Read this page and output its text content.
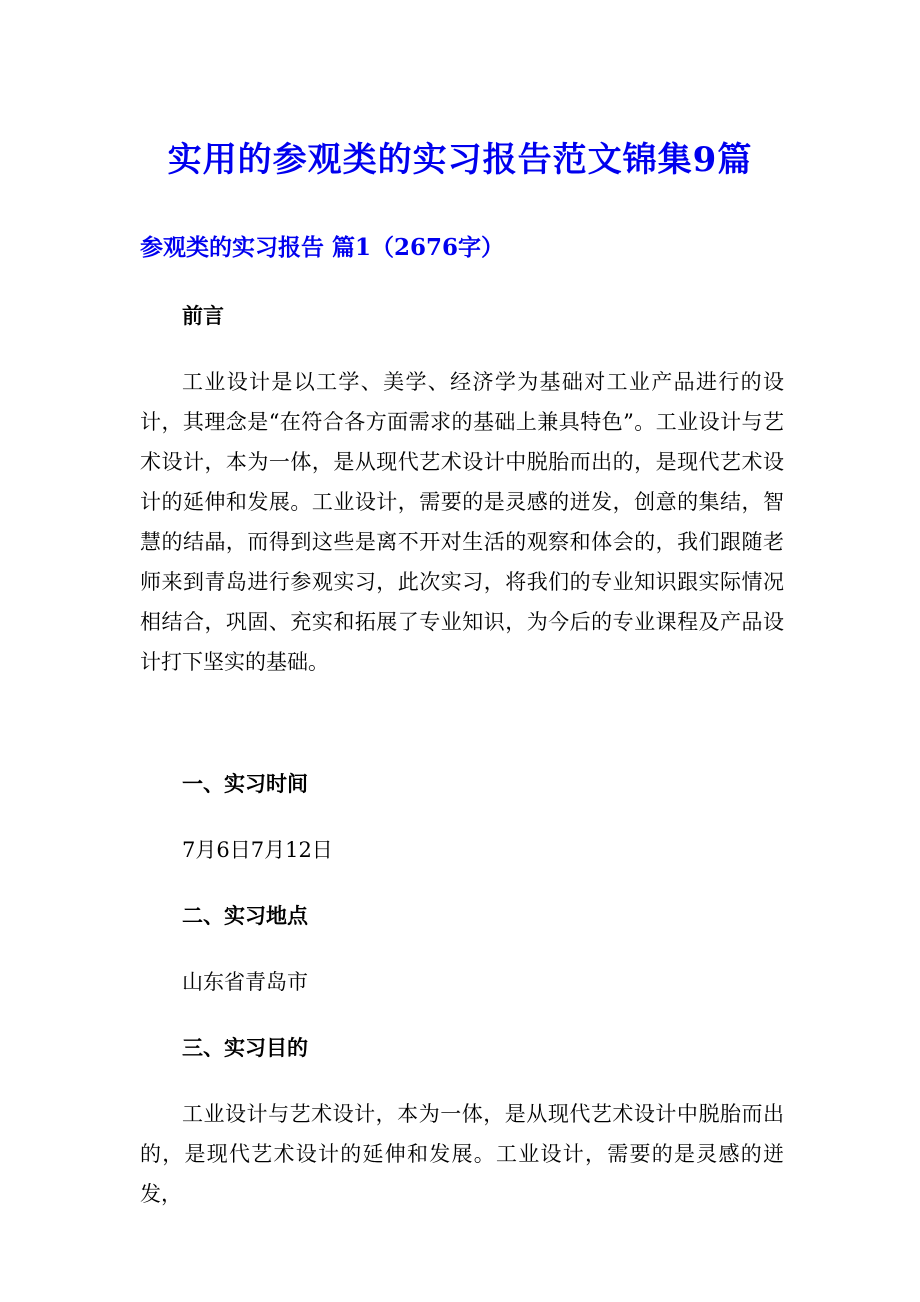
实用的参观类的实习报告范文锦集9篇
参观类的实习报告 篇1（2676字）

前言

工业设计是以工学、美学、经济学为基础对工业产品进行的设计，其理念是“在符合各方面需求的基础上兼具特色”。工业设计与艺术设计，本为一体，是从现代艺术设计中脱胎而出的，是现代艺术设计的延伸和发展。工业设计，需要的是灵感的迸发，创意的集结，智慧的结晶，而得到这些是离不开对生活的观察和体会的，我们跟随老师来到青岛进行参观实习，此次实习，将我们的专业知识跟实际情况相结合，巩固、充实和拓展了专业知识，为今后的专业课程及产品设计打下坚实的基础。

一、实习时间

7月6日7月12日

二、实习地点

山东省青岛市

三、实习目的

工业设计与艺术设计，本为一体，是从现代艺术设计中脱胎而出的，是现代艺术设计的延伸和发展。工业设计，需要的是灵感的迸发，
